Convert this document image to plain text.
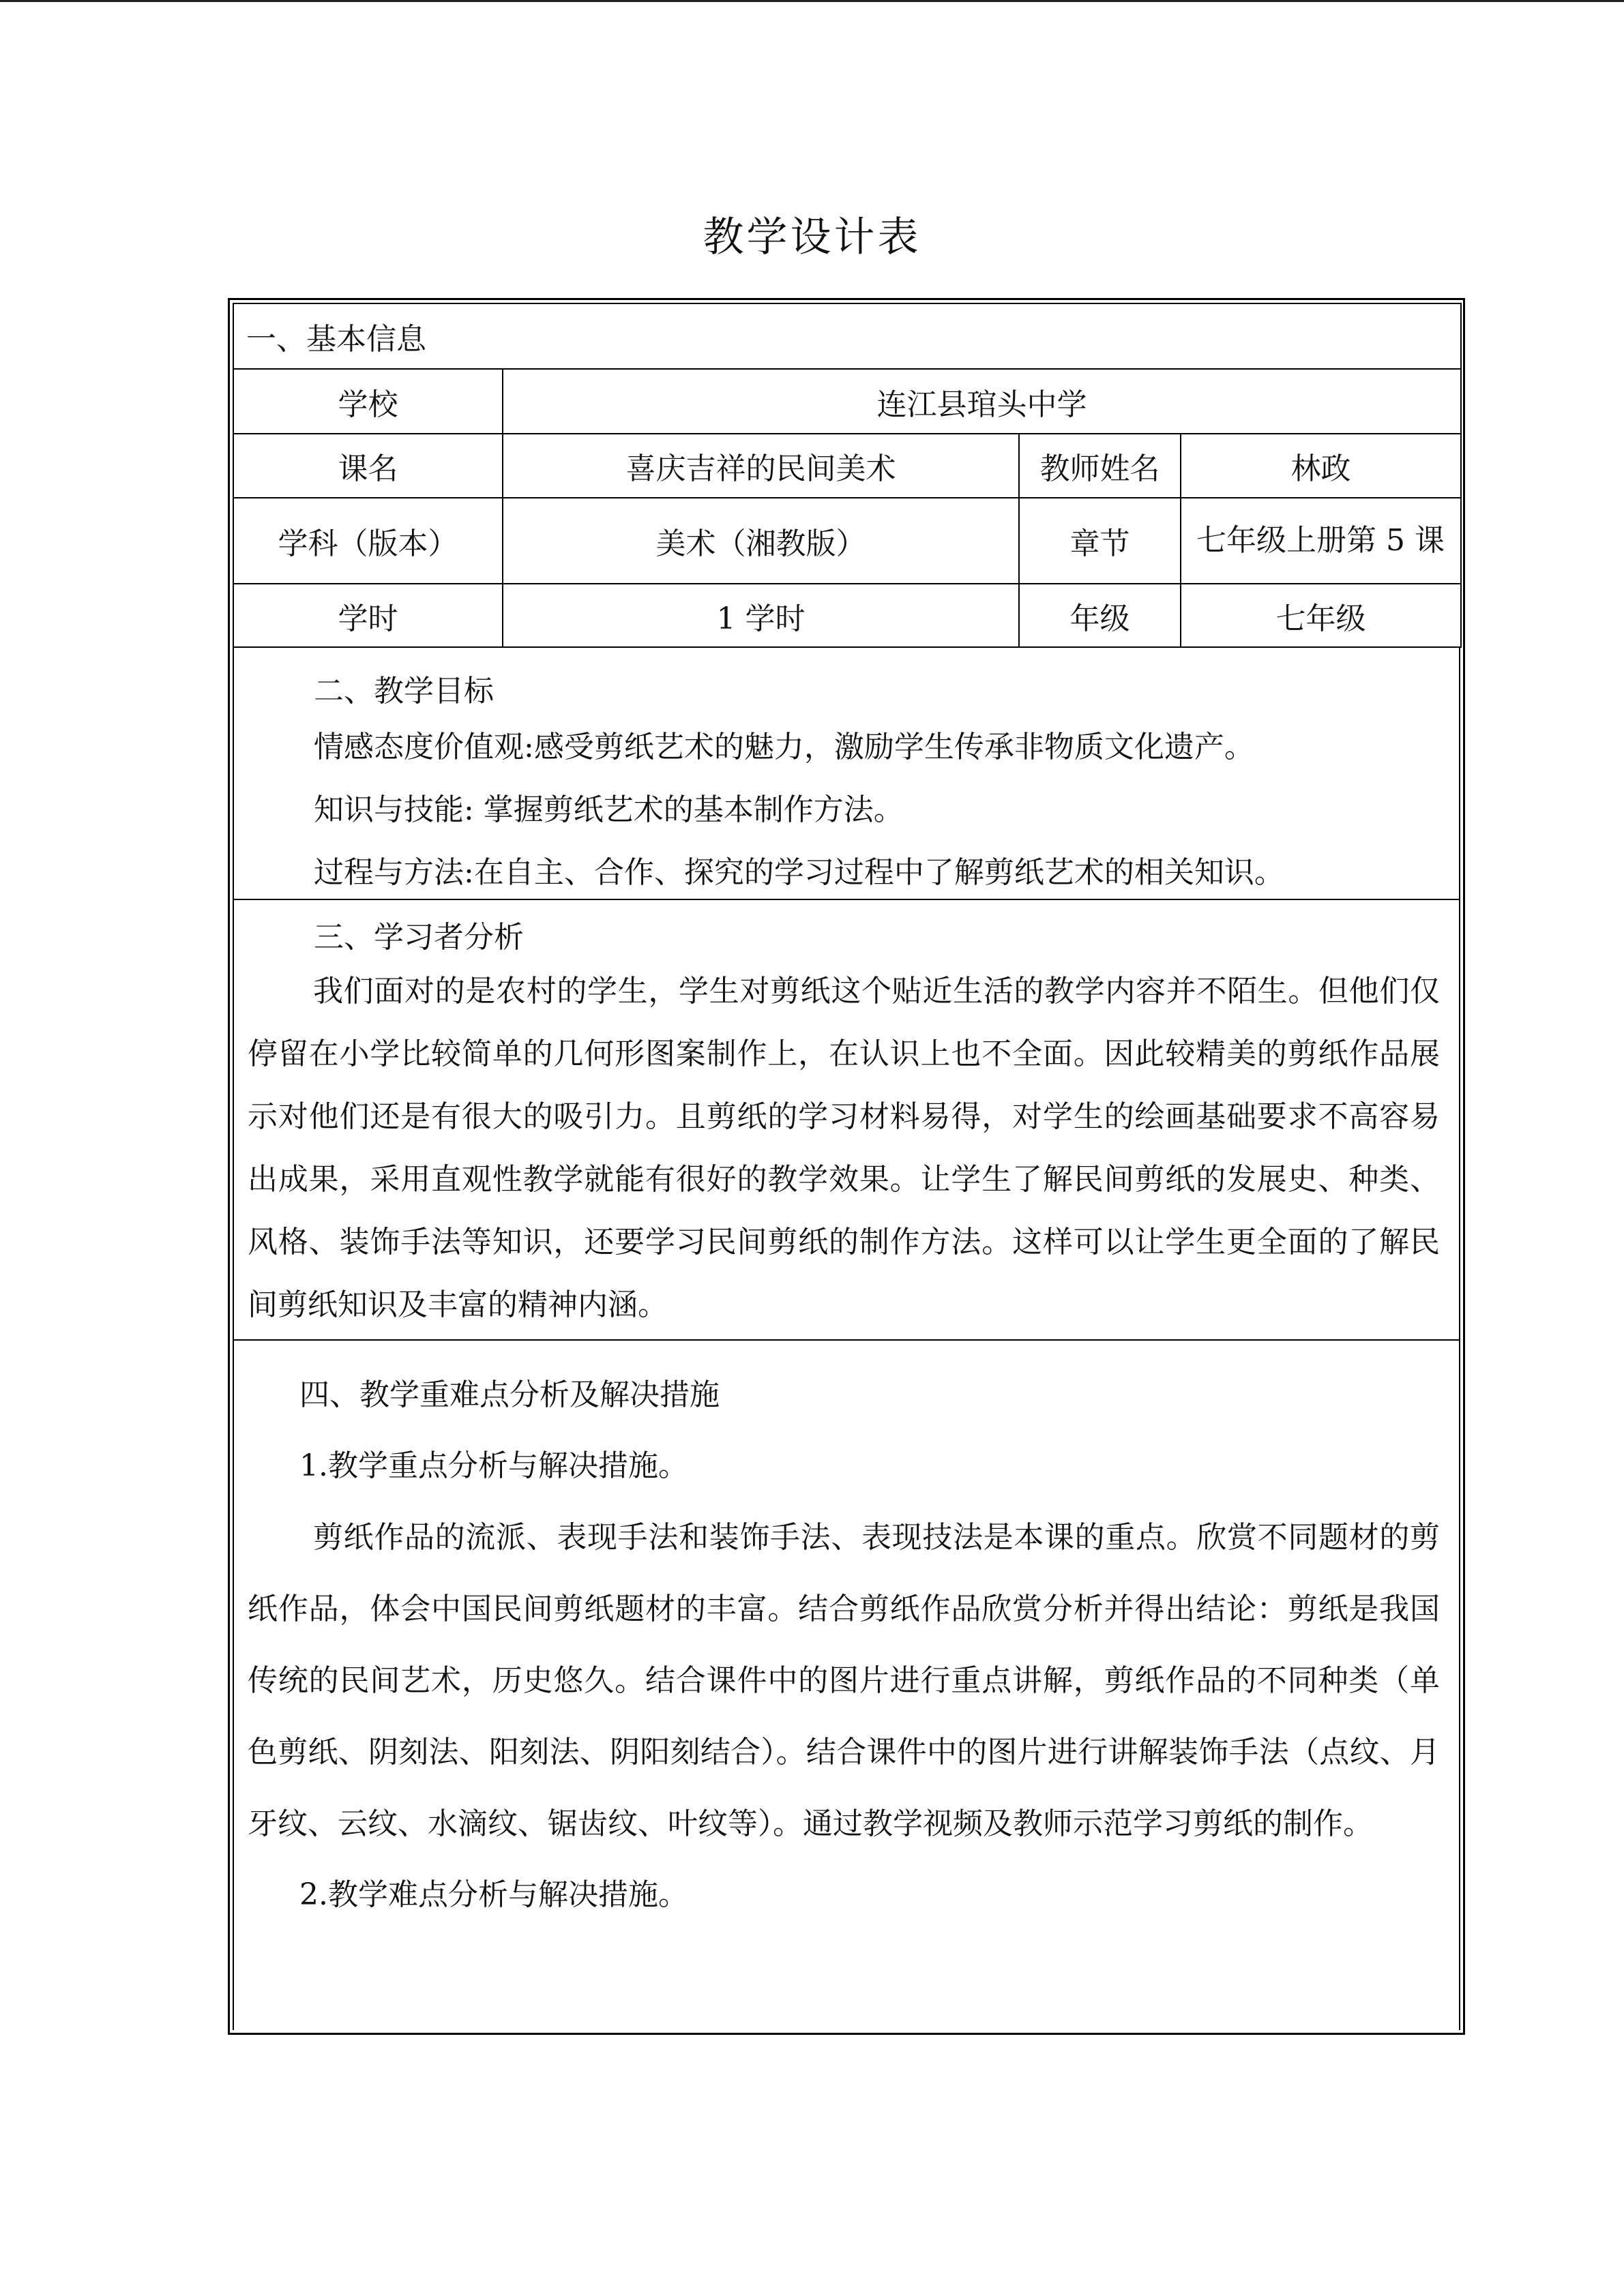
教学设计表
一、基本信息			
学校	连江县琯头中学		
课名	喜庆吉祥的民间美术	教师姓名	林政
学科（版本）	美术（湘教版）	章节	七年级上册第 5 课
学时	1 学时	年级	七年级

二、教学目标

情感态度价值观:感受剪纸艺术的魅力，激励学生传承非物质文化遗产。

知识与技能: 掌握剪纸艺术的基本制作方法。

过程与方法:在自主、合作、探究的学习过程中了解剪纸艺术的相关知识。

三、学习者分析

我们面对的是农村的学生，学生对剪纸这个贴近生活的教学内容并不陌生。但他们仅停留在小学比较简单的几何形图案制作上，在认识上也不全面。因此较精美的剪纸作品展示对他们还是有很大的吸引力。且剪纸的学习材料易得，对学生的绘画基础要求不高容易出成果，采用直观性教学就能有很好的教学效果。让学生了解民间剪纸的发展史、种类、风格、装饰手法等知识，还要学习民间剪纸的制作方法。这样可以让学生更全面的了解民间剪纸知识及丰富的精神内涵。

四、教学重难点分析及解决措施

1.教学重点分析与解决措施。

剪纸作品的流派、表现手法和装饰手法、表现技法是本课的重点。欣赏不同题材的剪纸作品，体会中国民间剪纸题材的丰富。结合剪纸作品欣赏分析并得出结论：剪纸是我国传统的民间艺术，历史悠久。结合课件中的图片进行重点讲解，剪纸作品的不同种类（单色剪纸、阴刻法、阳刻法、阴阳刻结合）。结合课件中的图片进行讲解装饰手法（点纹、月牙纹、云纹、水滴纹、锯齿纹、叶纹等）。通过教学视频及教师示范学习剪纸的制作。

2.教学难点分析与解决措施。
